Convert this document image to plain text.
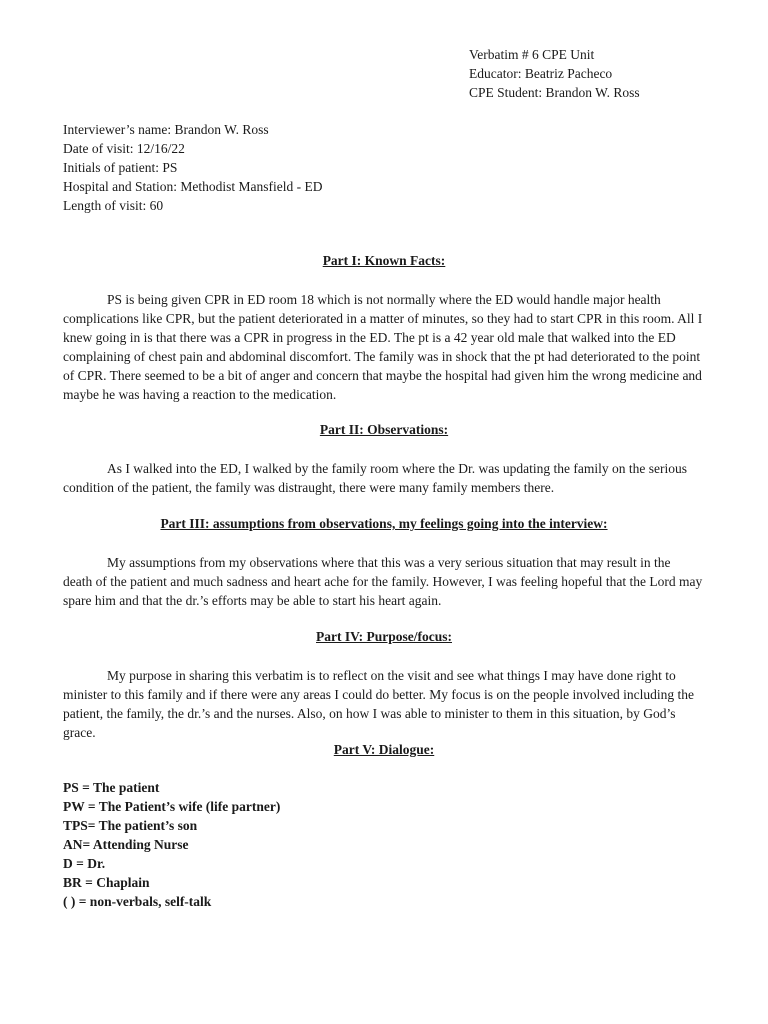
Verbatim # 6 CPE Unit
Educator: Beatriz Pacheco
CPE Student: Brandon W. Ross
Interviewer’s name: Brandon W. Ross
Date of visit: 12/16/22
Initials of patient: PS
Hospital and Station: Methodist Mansfield - ED
Length of visit: 60
Part I: Known Facts:
PS is being given CPR in ED room 18 which is not normally where the ED would handle major health complications like CPR, but the patient deteriorated in a matter of minutes, so they had to start CPR in this room. All I knew going in is that there was a CPR in progress in the ED. The pt is a 42 year old male that walked into the ED complaining of chest pain and abdominal discomfort. The family was in shock that the pt had deteriorated to the point of CPR. There seemed to be a bit of anger and concern that maybe the hospital had given him the wrong medicine and maybe he was having a reaction to the medication.
Part II: Observations:
As I walked into the ED, I walked by the family room where the Dr. was updating the family on the serious condition of the patient, the family was distraught, there were many family members there.
Part III: assumptions from observations, my feelings going into the interview:
My assumptions from my observations where that this was a very serious situation that may result in the death of the patient and much sadness and heart ache for the family. However, I was feeling hopeful that the Lord may spare him and that the dr.’s efforts may be able to start his heart again.
Part IV: Purpose/focus:
My purpose in sharing this verbatim is to reflect on the visit and see what things I may have done right to minister to this family and if there were any areas I could do better. My focus is on the people involved including the patient, the family, the dr.’s and the nurses. Also, on how I was able to minister to them in this situation, by God’s grace.
Part V: Dialogue:
PS = The patient
PW = The Patient’s wife (life partner)
TPS= The patient’s son
AN= Attending Nurse
D = Dr.
BR = Chaplain
( ) = non-verbals, self-talk
